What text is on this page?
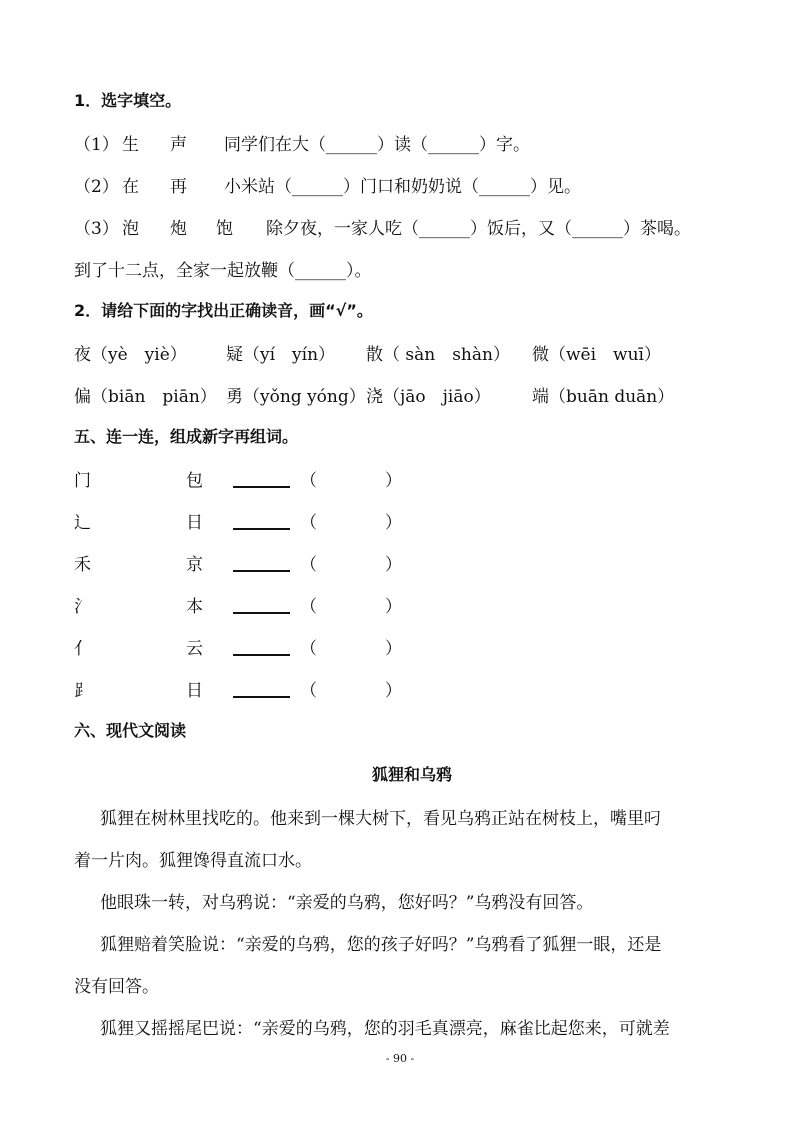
1．选字填空。
（1） 生 声 同学们在大（______）读（______）字。
（2） 在 再 小米站（______）门口和奶奶说（______）见。
（3） 泡 炮 饱 除夕夜，一家人吃（______）饭后，又（______）茶喝。
到了十二点，全家一起放鞭（______）。
2．请给下面的字找出正确读音，画“√”。
夜（yè　yiè） 疑（yí　yín） 散（ sàn　shàn） 微（wēi　wuī）
偏（biān　piān） 勇（yǒng yóng） 浇（jāo　jiāo） 端（buān duān）
五、连一连，组成新字再组词。
门	包	（　　　　）
辶	日	（　　　　）
禾	京	（　　　　）
氵	本	（　　　　）
亻	云	（　　　　）
⻊	日	（　　　　）
六、现代文阅读
狐狸和乌鸦
狐狸在树林里找吃的。他来到一棵大树下，看见乌鸦正站在树枝上，嘴里叼
着一片肉。狐狸馋得直流口水。
他眼珠一转，对乌鸦说：“亲爱的乌鸦，您好吗？”乌鸦没有回答。
狐狸赔着笑脸说：“亲爱的乌鸦，您的孩子好吗？”乌鸦看了狐狸一眼，还是
没有回答。
狐狸又摇摇尾巴说：“亲爱的乌鸦，您的羽毛真漂亮，麻雀比起您来，可就差
- 90 -
